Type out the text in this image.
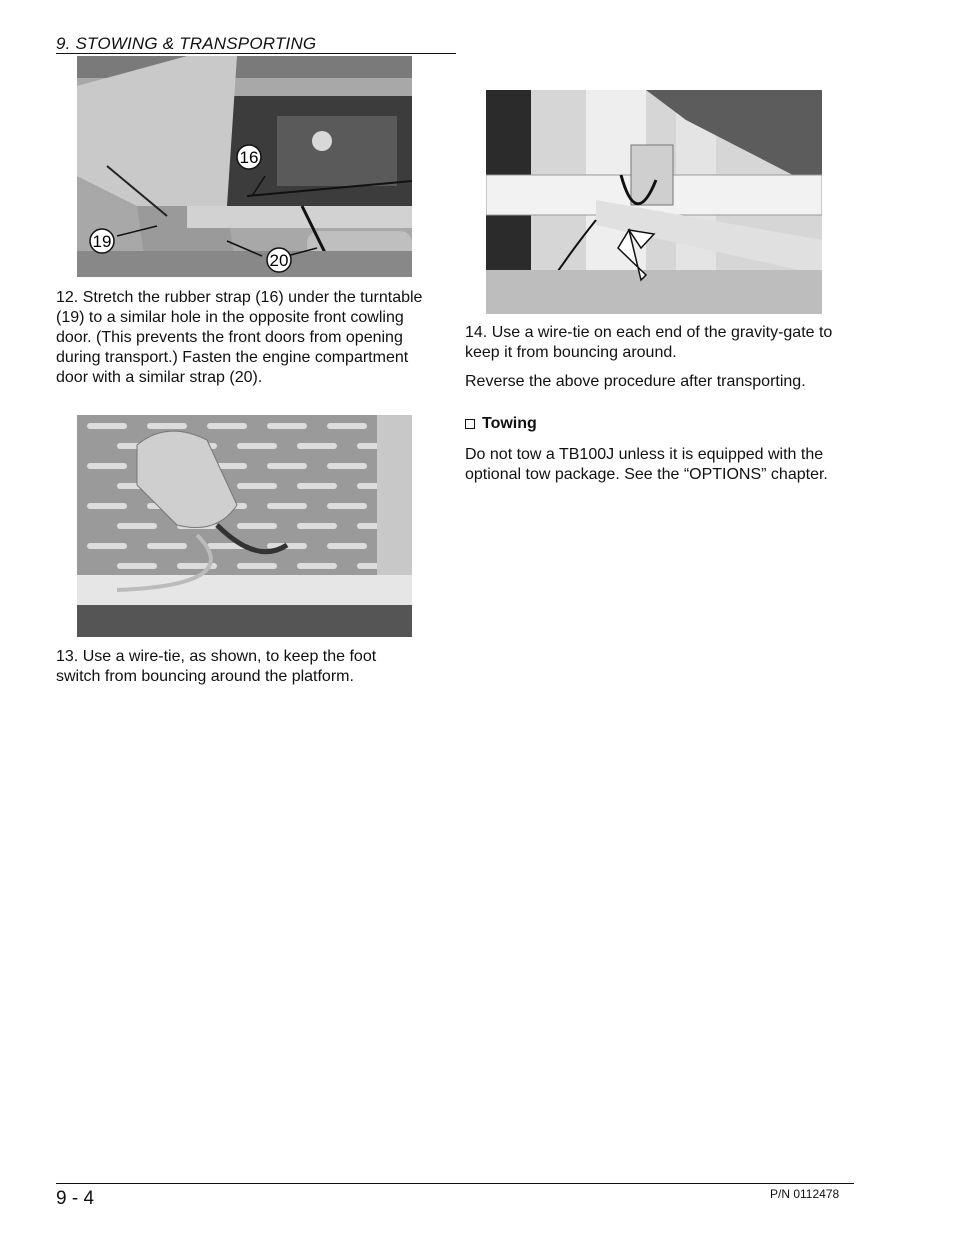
9. STOWING & TRANSPORTING
16
19
20

12. Stretch the rubber strap (16) under the turntable (19) to a similar hole in the opposite front cowling door. (This prevents the front doors from opening during transport.) Fasten the engine compartment door with a similar strap (20).

13. Use a wire-tie, as shown, to keep the foot switch from bouncing around the platform.

14. Use a wire-tie on each end of the gravity-gate to keep it from bouncing around.

Reverse the above procedure after transporting.

Towing

Do not tow a TB100J unless it is equipped with the optional tow package. See the “OPTIONS” chapter.

9 - 4	P/N 0112478
